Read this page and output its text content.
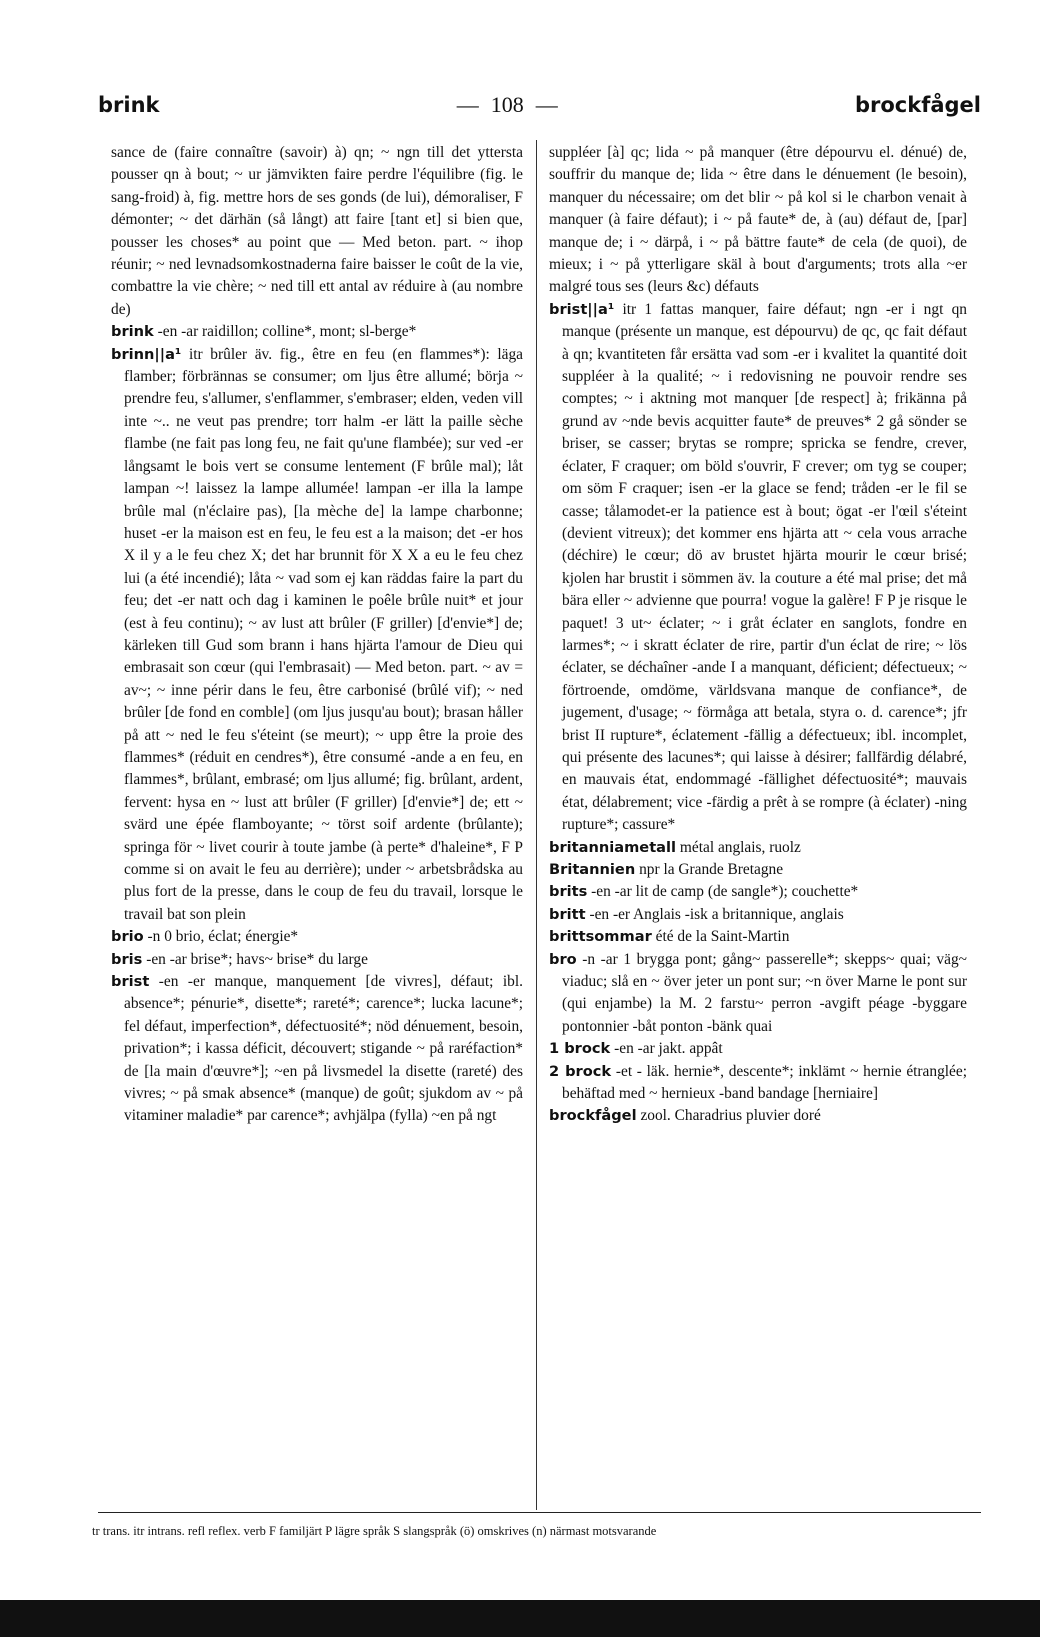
brink	— 108 —	brockfågel

sance de (faire connaître (savoir) à) qn; ~ ngn till det yttersta pousser qn à bout; ~ ur jämvikten faire perdre l'équilibre (fig. le sang-froid) à, fig. mettre hors de ses gonds (de lui), démoraliser, F démonter; ~ det därhän (så långt) att faire [tant et] si bien que, pousser les choses* au point que — Med beton. part. ~ ihop réunir; ~ ned levnadsomkostnaderna faire baisser le coût de la vie, combattre la vie chère; ~ ned till ett antal av réduire à (au nombre de)

brink -en -ar raidillon; colline*, mont; sl-berge*

brinn||a¹ itr brûler äv. fig., être en feu (en flammes*): läga flamber; förbrännas se consumer; om ljus être allumé; börja ~ prendre feu, s'allumer, s'enflammer, s'embraser; elden, veden vill inte ~.. ne veut pas prendre; torr halm -er lätt la paille sèche flambe (ne fait pas long feu, ne fait qu'une flambée); sur ved -er långsamt le bois vert se consume lentement (F brûle mal); låt lampan ~! laissez la lampe allumée! lampan -er illa la lampe brûle mal (n'éclaire pas), [la mèche de] la lampe charbonne; huset -er la maison est en feu, le feu est a la maison; det -er hos X il y a le feu chez X; det har brunnit för X X a eu le feu chez lui (a été incendié); låta ~ vad som ej kan räddas faire la part du feu; det -er natt och dag i kaminen le poêle brûle nuit* et jour (est à feu continu); ~ av lust att brûler (F griller) [d'envie*] de; kärleken till Gud som brann i hans hjärta l'amour de Dieu qui embrasait son cœur (qui l'embrasait) — Med beton. part. ~ av = av~; ~ inne périr dans le feu, être carbonisé (brûlé vif); ~ ned brûler [de fond en comble] (om ljus jusqu'au bout); brasan håller på att ~ ned le feu s'éteint (se meurt); ~ upp être la proie des flammes* (réduit en cendres*), être consumé -ande a en feu, en flammes*, brûlant, embrasé; om ljus allumé; fig. brûlant, ardent, fervent: hysa en ~ lust att brûler (F griller) [d'envie*] de; ett ~ svärd une épée flamboyante; ~ törst soif ardente (brûlante); springa för ~ livet courir à toute jambe (à perte* d'haleine*, F P comme si on avait le feu au derrière); under ~ arbetsbrådska au plus fort de la presse, dans le coup de feu du travail, lorsque le travail bat son plein

brio -n 0 brio, éclat; énergie*

bris -en -ar brise*; havs~ brise* du large

brist -en -er manque, manquement [de vivres], défaut; ibl. absence*; pénurie*, disette*; rareté*; carence*; lucka lacune*; fel défaut, imperfection*, défectuosité*; nöd dénuement, besoin, privation*; i kassa déficit, découvert; stigande ~ på raréfaction* de [la main d'œuvre*]; ~en på livsmedel la disette (rareté) des vivres; ~ på smak absence* (manque) de goût; sjukdom av ~ på vitaminer maladie* par carence*; avhjälpa (fylla) ~en på ngt

suppléer [à] qc; lida ~ på manquer (être dépourvu el. dénué) de, souffrir du manque de; lida ~ être dans le dénuement (le besoin), manquer du nécessaire; om det blir ~ på kol si le charbon venait à manquer (à faire défaut); i ~ på faute* de, à (au) défaut de, [par] manque de; i ~ därpå, i ~ på bättre faute* de cela (de quoi), de mieux; i ~ på ytterligare skäl à bout d'arguments; trots alla ~er malgré tous ses (leurs &c) défauts

brist||a¹ itr 1 fattas manquer, faire défaut; ngn -er i ngt qn manque (présente un manque, est dépourvu) de qc, qc fait défaut à qn; kvantiteten får ersätta vad som -er i kvalitet la quantité doit suppléer à la qualité; ~ i redovisning ne pouvoir rendre ses comptes; ~ i aktning mot manquer [de respect] à; frikänna på grund av ~nde bevis acquitter faute* de preuves* 2 gå sönder se briser, se casser; brytas se rompre; spricka se fendre, crever, éclater, F craquer; om böld s'ouvrir, F crever; om tyg se couper; om söm F craquer; isen -er la glace se fend; tråden -er le fil se casse; tålamodet-er la patience est à bout; ögat -er l'œil s'éteint (devient vitreux); det kommer ens hjärta att ~ cela vous arrache (déchire) le cœur; dö av brustet hjärta mourir le cœur brisé; kjolen har brustit i sömmen äv. la couture a été mal prise; det må bära eller ~ advienne que pourra! vogue la galère! F P je risque le paquet! 3 ut~ éclater; ~ i gråt éclater en sanglots, fondre en larmes*; ~ i skratt éclater de rire, partir d'un éclat de rire; ~ lös éclater, se déchaîner -ande I a manquant, déficient; défectueux; ~ förtroende, omdöme, världsvana manque de confiance*, de jugement, d'usage; ~ förmåga att betala, styra o. d. carence*; jfr brist II rupture*, éclatement -fällig a défectueux; ibl. incomplet, qui présente des lacunes*; qui laisse à désirer; fallfärdig délabré, en mauvais état, endommagé -fällighet défectuosité*; mauvais état, délabrement; vice -färdig a prêt à se rompre (à éclater) -ning rupture*; cassure*

britanniametall métal anglais, ruolz

Britannien npr la Grande Bretagne

brits -en -ar lit de camp (de sangle*); couchette*

britt -en -er Anglais -isk a britannique, anglais

brittsommar été de la Saint-Martin

bro -n -ar 1 brygga pont; gång~ passerelle*; skepps~ quai; väg~ viaduc; slå en ~ över jeter un pont sur; ~n över Marne le pont sur (qui enjambe) la M. 2 farstu~ perron -avgift péage -byggare pontonnier -båt ponton -bänk quai

1 brock -en -ar jakt. appât

2 brock -et - läk. hernie*, descente*; inklämt ~ hernie étranglée; behäftad med ~ hernieux -band bandage [herniaire]

brockfågel zool. Charadrius pluvier doré

tr trans. itr intrans. refl reflex. verb F familjärt P lägre språk S slangspråk (ö) omskrives (n) närmast motsvarande
